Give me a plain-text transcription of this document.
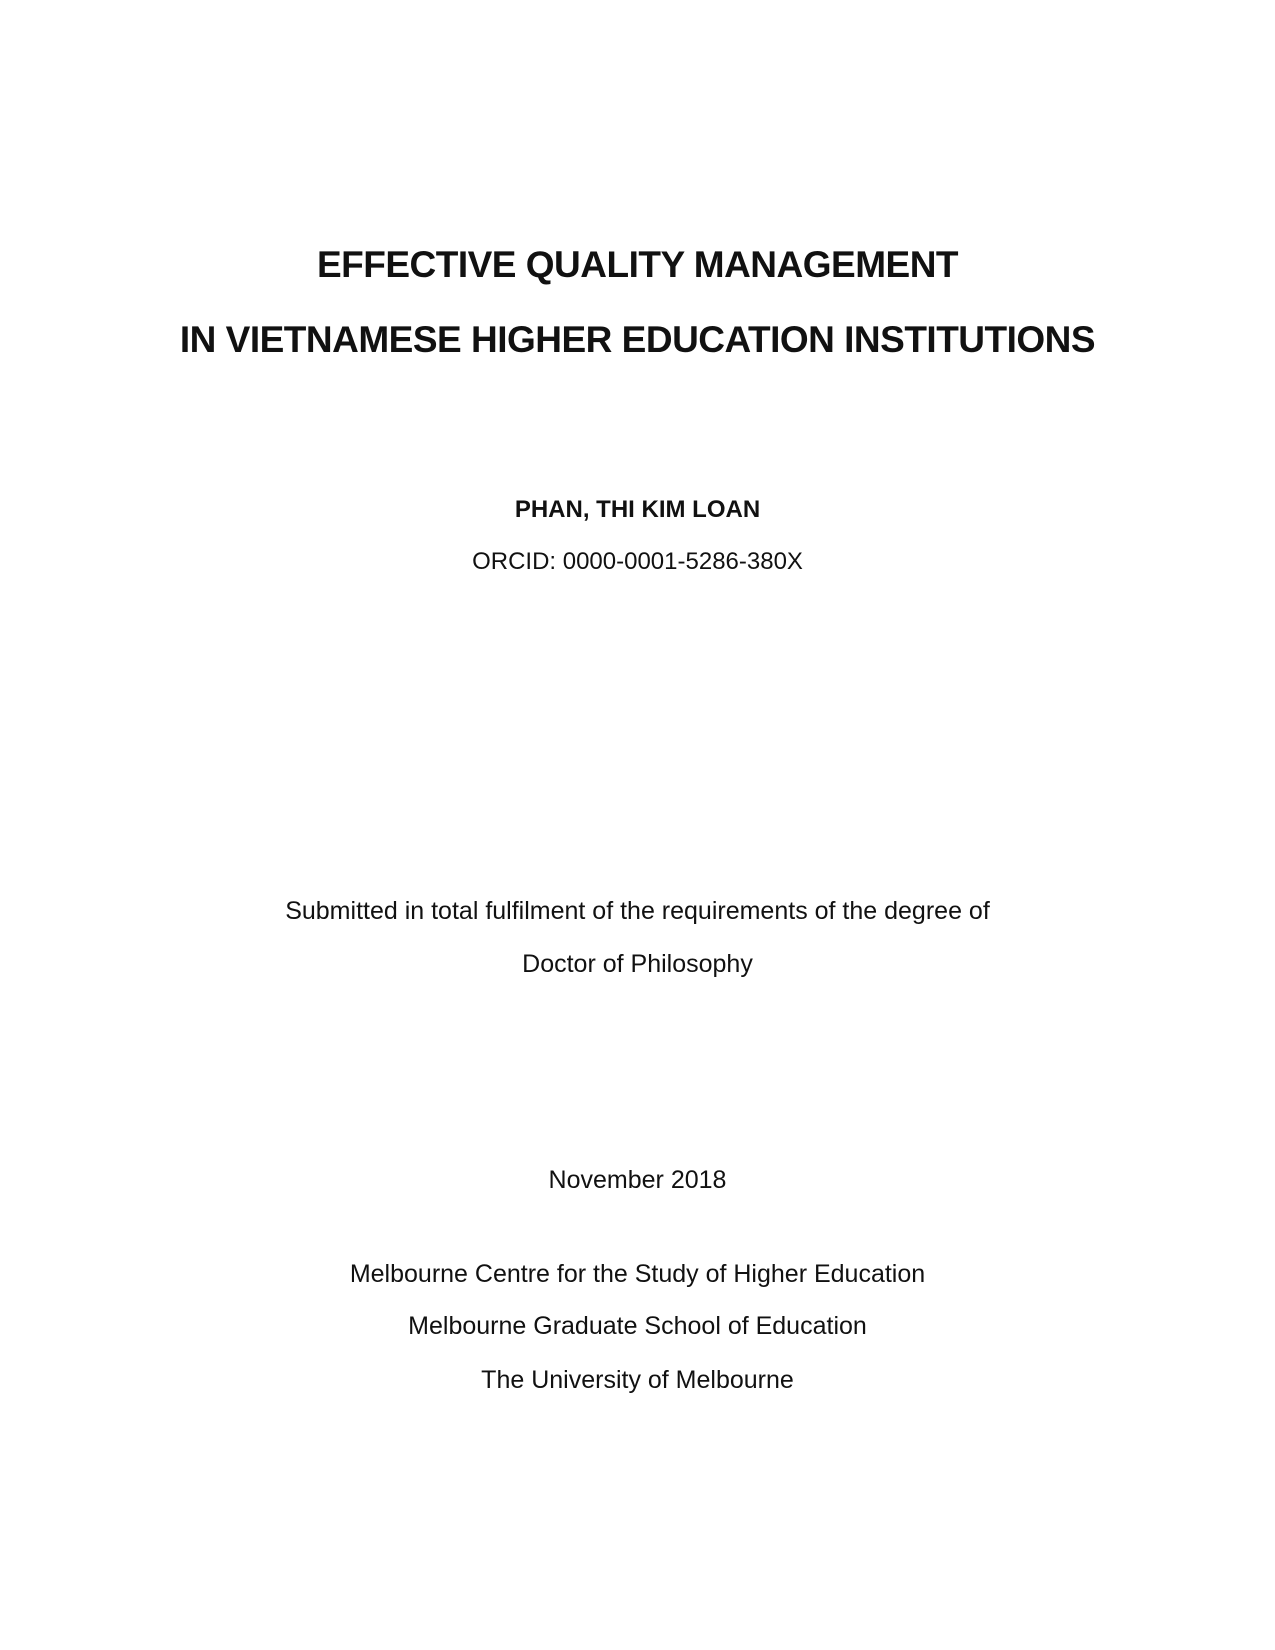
EFFECTIVE QUALITY MANAGEMENT
IN VIETNAMESE HIGHER EDUCATION INSTITUTIONS
PHAN, THI KIM LOAN
ORCID: 0000-0001-5286-380X
Submitted in total fulfilment of the requirements of the degree of
Doctor of Philosophy
November 2018
Melbourne Centre for the Study of Higher Education
Melbourne Graduate School of Education
The University of Melbourne
